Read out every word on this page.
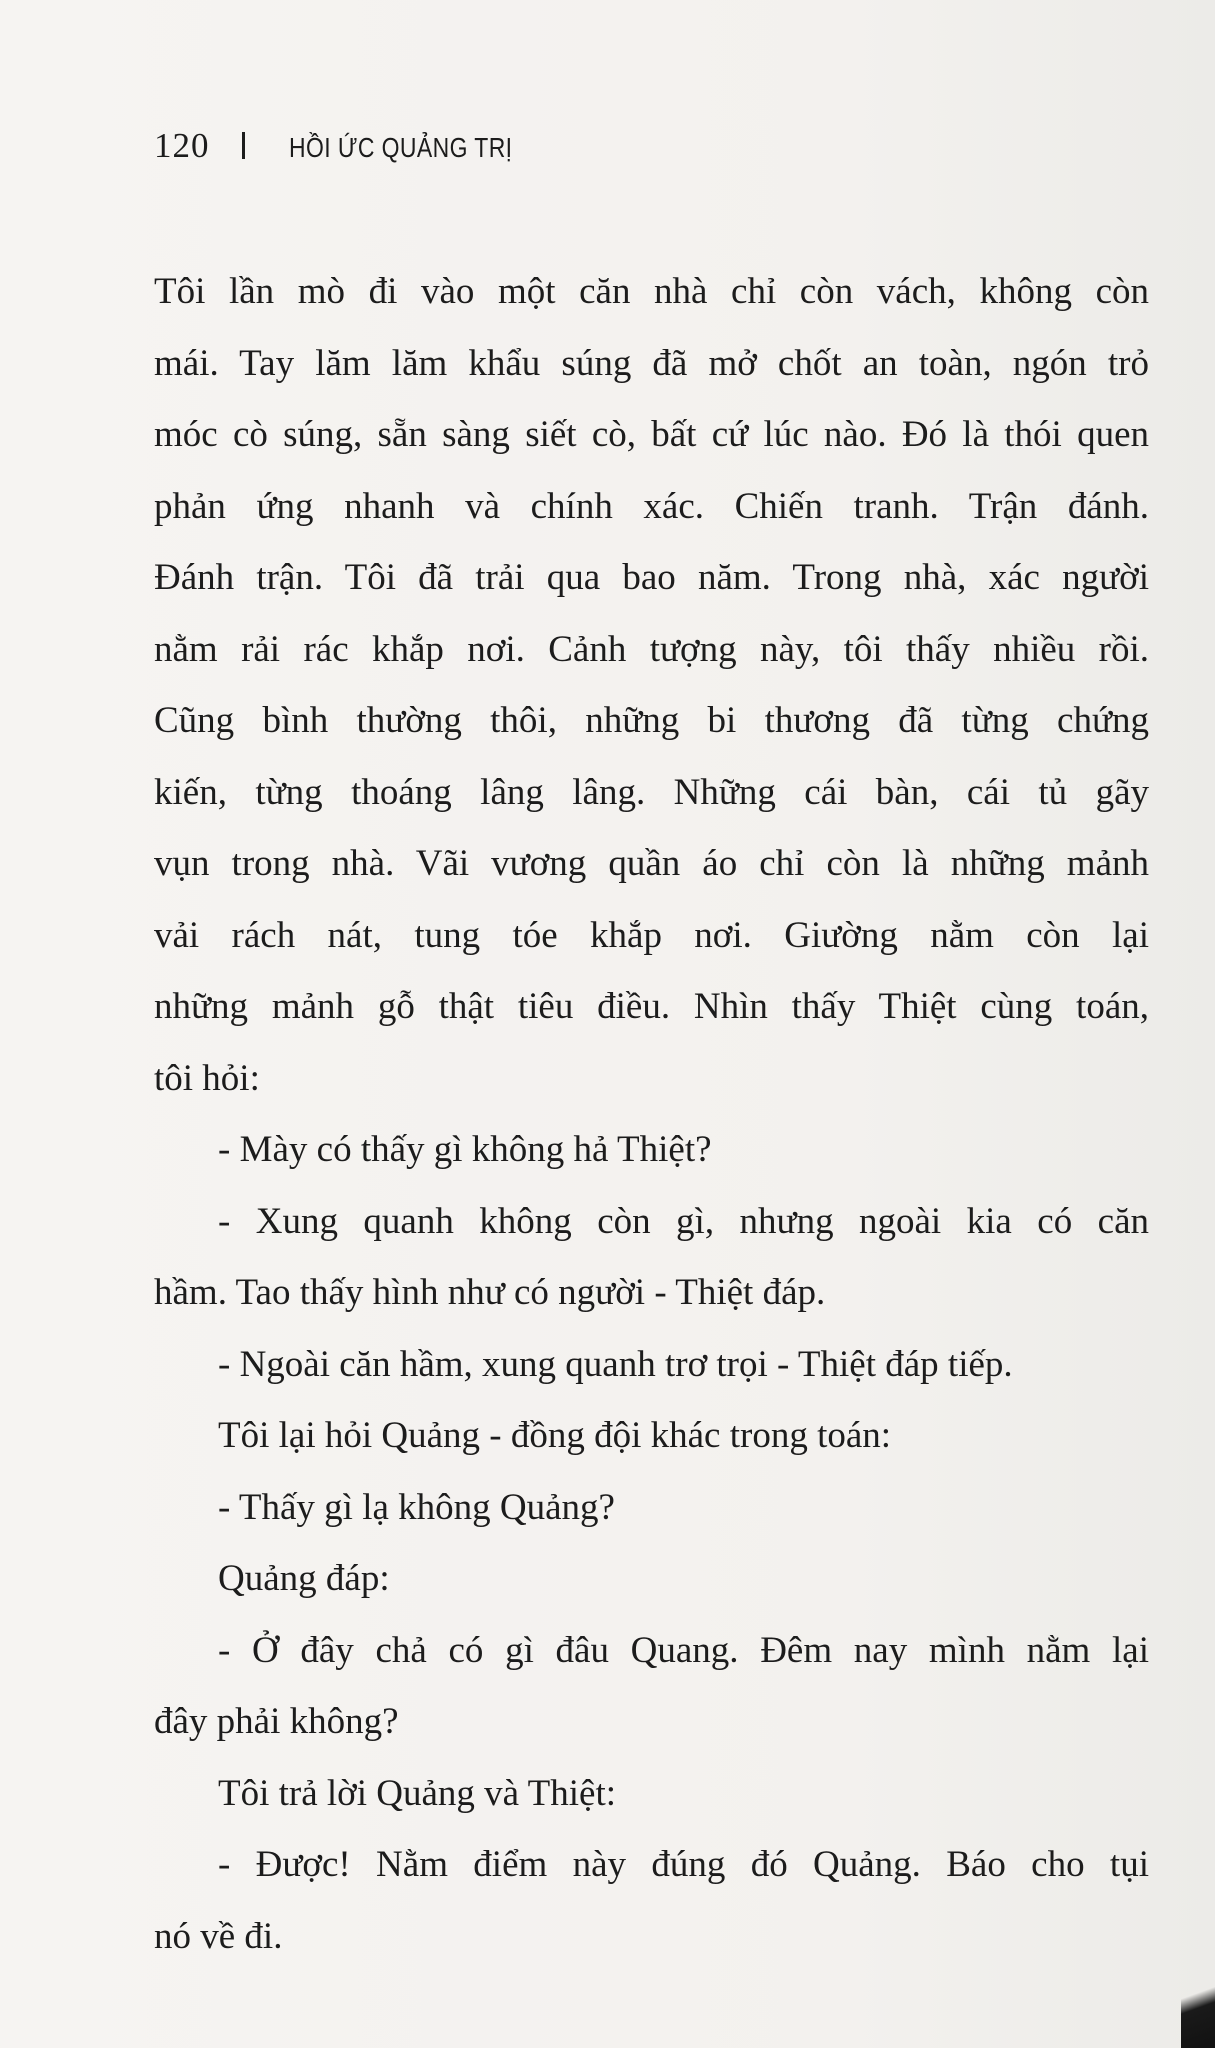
120	HỒI ỨC QUẢNG TRỊ
Tôi lần mò đi vào một căn nhà chỉ còn vách, không còn
mái. Tay lăm lăm khẩu súng đã mở chốt an toàn, ngón trỏ
móc cò súng, sẵn sàng siết cò, bất cứ lúc nào. Đó là thói quen
phản ứng nhanh và chính xác. Chiến tranh. Trận đánh.
Đánh trận. Tôi đã trải qua bao năm. Trong nhà, xác người
nằm rải rác khắp nơi. Cảnh tượng này, tôi thấy nhiều rồi.
Cũng bình thường thôi, những bi thương đã từng chứng
kiến, từng thoáng lâng lâng. Những cái bàn, cái tủ gãy
vụn trong nhà. Vãi vương quần áo chỉ còn là những mảnh
vải rách nát, tung tóe khắp nơi. Giường nằm còn lại
những mảnh gỗ thật tiêu điều. Nhìn thấy Thiệt cùng toán,
tôi hỏi:
- Mày có thấy gì không hả Thiệt?
- Xung quanh không còn gì, nhưng ngoài kia có căn
hầm. Tao thấy hình như có người - Thiệt đáp.
- Ngoài căn hầm, xung quanh trơ trọi - Thiệt đáp tiếp.
Tôi lại hỏi Quảng - đồng đội khác trong toán:
- Thấy gì lạ không Quảng?
Quảng đáp:
- Ở đây chả có gì đâu Quang. Đêm nay mình nằm lại
đây phải không?
Tôi trả lời Quảng và Thiệt:
- Được! Nằm điểm này đúng đó Quảng. Báo cho tụi
nó về đi.
